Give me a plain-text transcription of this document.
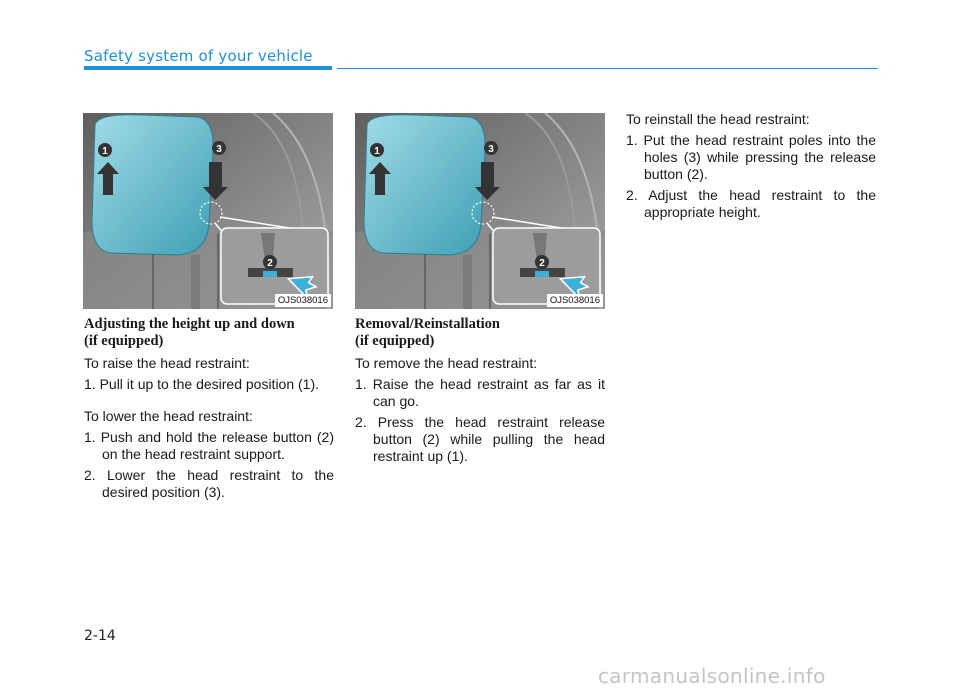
Safety system of your vehicle
1	3
2
OJS038016
1	3
2
OJS038016
Adjusting the height up and down
(if equipped)

To raise the head restraint:

1. Pull it up to the desired position (1).

To lower the head restraint:

1. Push and hold the release button (2) on the head restraint support.
2. Lower the head restraint to the desired position (3).
Removal/Reinstallation
(if equipped)

To remove the head restraint:

1. Raise the head restraint as far as it can go.
2. Press the head restraint release button (2) while pulling the head restraint up (1).

To reinstall the head restraint:

1. Put the head restraint poles into the holes (3) while pressing the release button (2).
2. Adjust the head restraint to the appropriate height.
2-14
carmanualsonline.info
